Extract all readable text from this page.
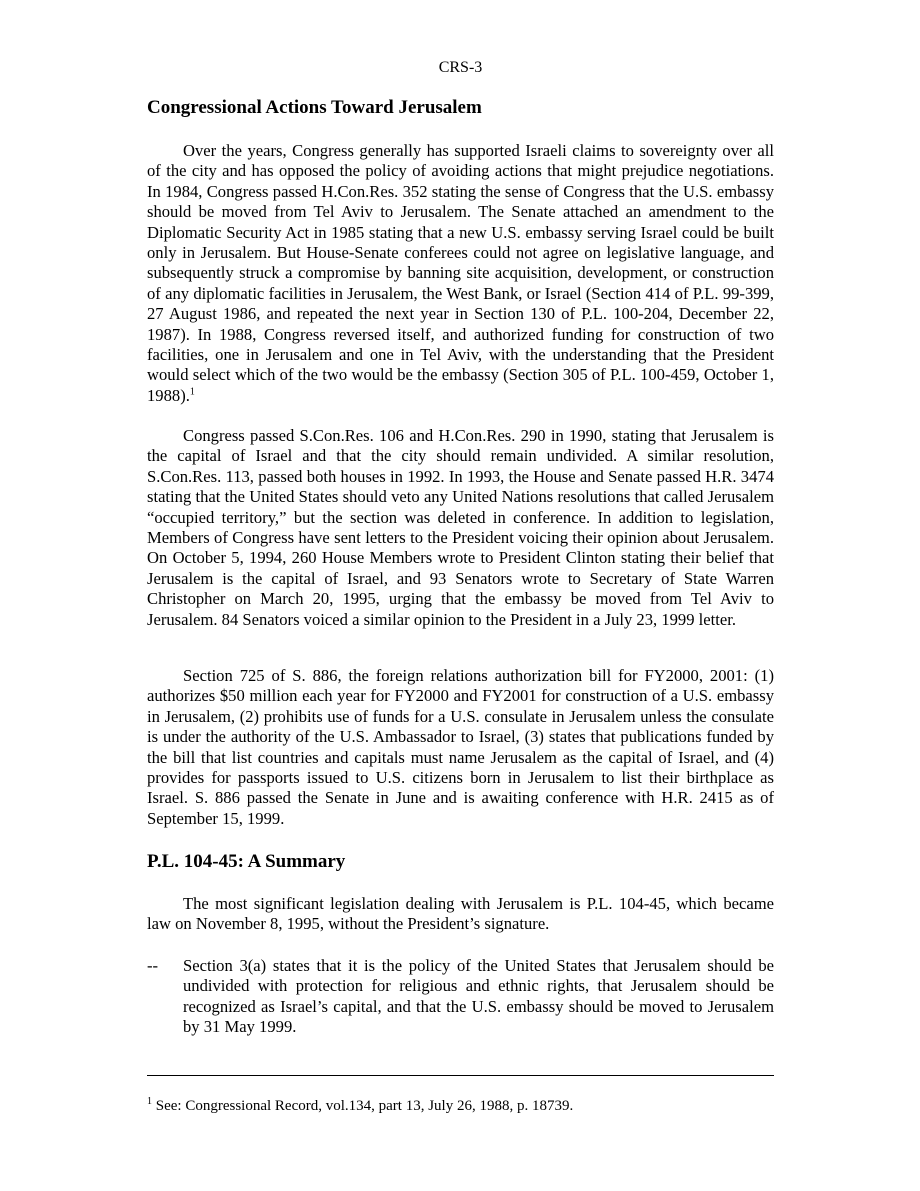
CRS-3
Congressional Actions Toward Jerusalem

Over the years, Congress generally has supported Israeli claims to sovereignty over all of the city and has opposed the policy of avoiding actions that might prejudice negotiations. In 1984, Congress passed H.Con.Res. 352 stating the sense of Congress that the U.S. embassy should be moved from Tel Aviv to Jerusalem. The Senate attached an amendment to the Diplomatic Security Act in 1985 stating that a new U.S. embassy serving Israel could be built only in Jerusalem. But House-Senate conferees could not agree on legislative language, and subsequently struck a compromise by banning site acquisition, development, or construction of any diplomatic facilities in Jerusalem, the West Bank, or Israel (Section 414 of P.L. 99-399, 27 August 1986, and repeated the next year in Section 130 of P.L. 100-204, December 22, 1987). In 1988, Congress reversed itself, and authorized funding for construction of two facilities, one in Jerusalem and one in Tel Aviv, with the understanding that the President would select which of the two would be the embassy (Section 305 of P.L. 100-459, October 1, 1988).$^1$

Congress passed S.Con.Res. 106 and H.Con.Res. 290 in 1990, stating that Jerusalem is the capital of Israel and that the city should remain undivided. A similar resolution, S.Con.Res. 113, passed both houses in 1992. In 1993, the House and Senate passed H.R. 3474 stating that the United States should veto any United Nations resolutions that called Jerusalem “occupied territory,” but the section was deleted in conference. In addition to legislation, Members of Congress have sent letters to the President voicing their opinion about Jerusalem. On October 5, 1994, 260 House Members wrote to President Clinton stating their belief that Jerusalem is the capital of Israel, and 93 Senators wrote to Secretary of State Warren Christopher on March 20, 1995, urging that the embassy be moved from Tel Aviv to Jerusalem. 84 Senators voiced a similar opinion to the President in a July 23, 1999 letter.

Section 725 of S. 886, the foreign relations authorization bill for FY2000, 2001: (1) authorizes $50 million each year for FY2000 and FY2001 for construction of a U.S. embassy in Jerusalem, (2) prohibits use of funds for a U.S. consulate in Jerusalem unless the consulate is under the authority of the U.S. Ambassador to Israel, (3) states that publications funded by the bill that list countries and capitals must name Jerusalem as the capital of Israel, and (4) provides for passports issued to U.S. citizens born in Jerusalem to list their birthplace as Israel. S. 886 passed the Senate in June and is awaiting conference with H.R. 2415 as of September 15, 1999.

P.L. 104-45: A Summary

The most significant legislation dealing with Jerusalem is P.L. 104-45, which became law on November 8, 1995, without the President’s signature.

-- Section 3(a) states that it is the policy of the United States that Jerusalem should be undivided with protection for religious and ethnic rights, that Jerusalem should be recognized as Israel’s capital, and that the U.S. embassy should be moved to Jerusalem by 31 May 1999.
$^1$ See: Congressional Record, vol.134, part 13, July 26, 1988, p. 18739.
